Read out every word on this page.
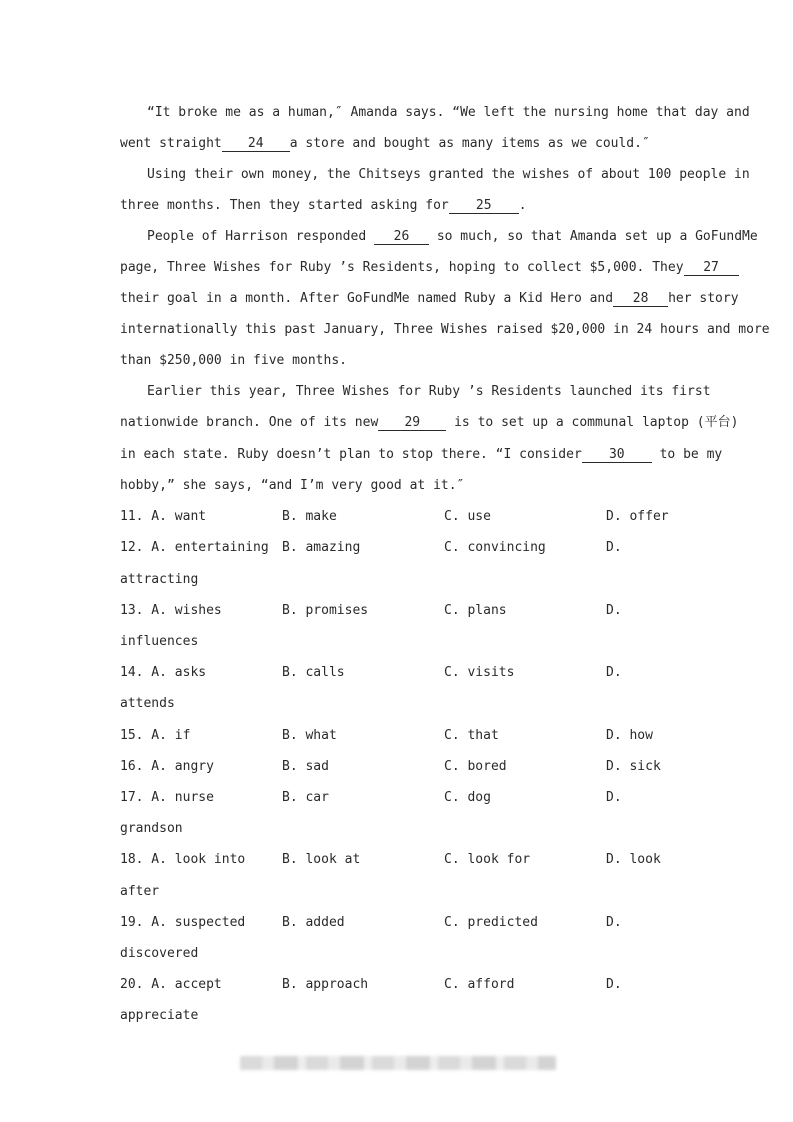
“It broke me as a human,″ Amanda says. “We left the nursing home that day and
went straight 24 a store and bought as many items as we could.″
Using their own money, the Chitseys granted the wishes of about 100 people in
three months. Then they started asking for 25 .
People of Harrison responded 26 so much, so that Amanda set up a GoFundMe
page, Three Wishes for Ruby ’s Residents, hoping to collect $5,000. They 27
their goal in a month. After GoFundMe named Ruby a Kid Hero and 28 her story
internationally this past January, Three Wishes raised $20,000 in 24 hours and more
than $250,000 in five months.
Earlier this year, Three Wishes for Ruby ’s Residents launched its first
nationwide branch. One of its new 29	is to set up a communal laptop (平台)
in each state. Ruby doesn’t plan to stop there. “I consider 30	to be my
hobby,” she says, “and I’m very good at it.″
11. A. want	B. make	C. use	D. offer
12. A. entertaining B. amazing	C. convincing	D.
attracting
13. A. wishes	B. promises	C. plans	D.
influences
14. A. asks	B. calls	C. visits	D.
attends
15. A. if	B. what	C. that	D. how
16. A. angry	B. sad	C. bored	D. sick
17. A. nurse	B. car	C. dog	D.
grandson
18. A. look into	B. look at	C. look for	D. look
after
19. A. suspected	B. added	C. predicted	D.
discovered
20. A. accept	B. approach	C. afford	D.
appreciate
